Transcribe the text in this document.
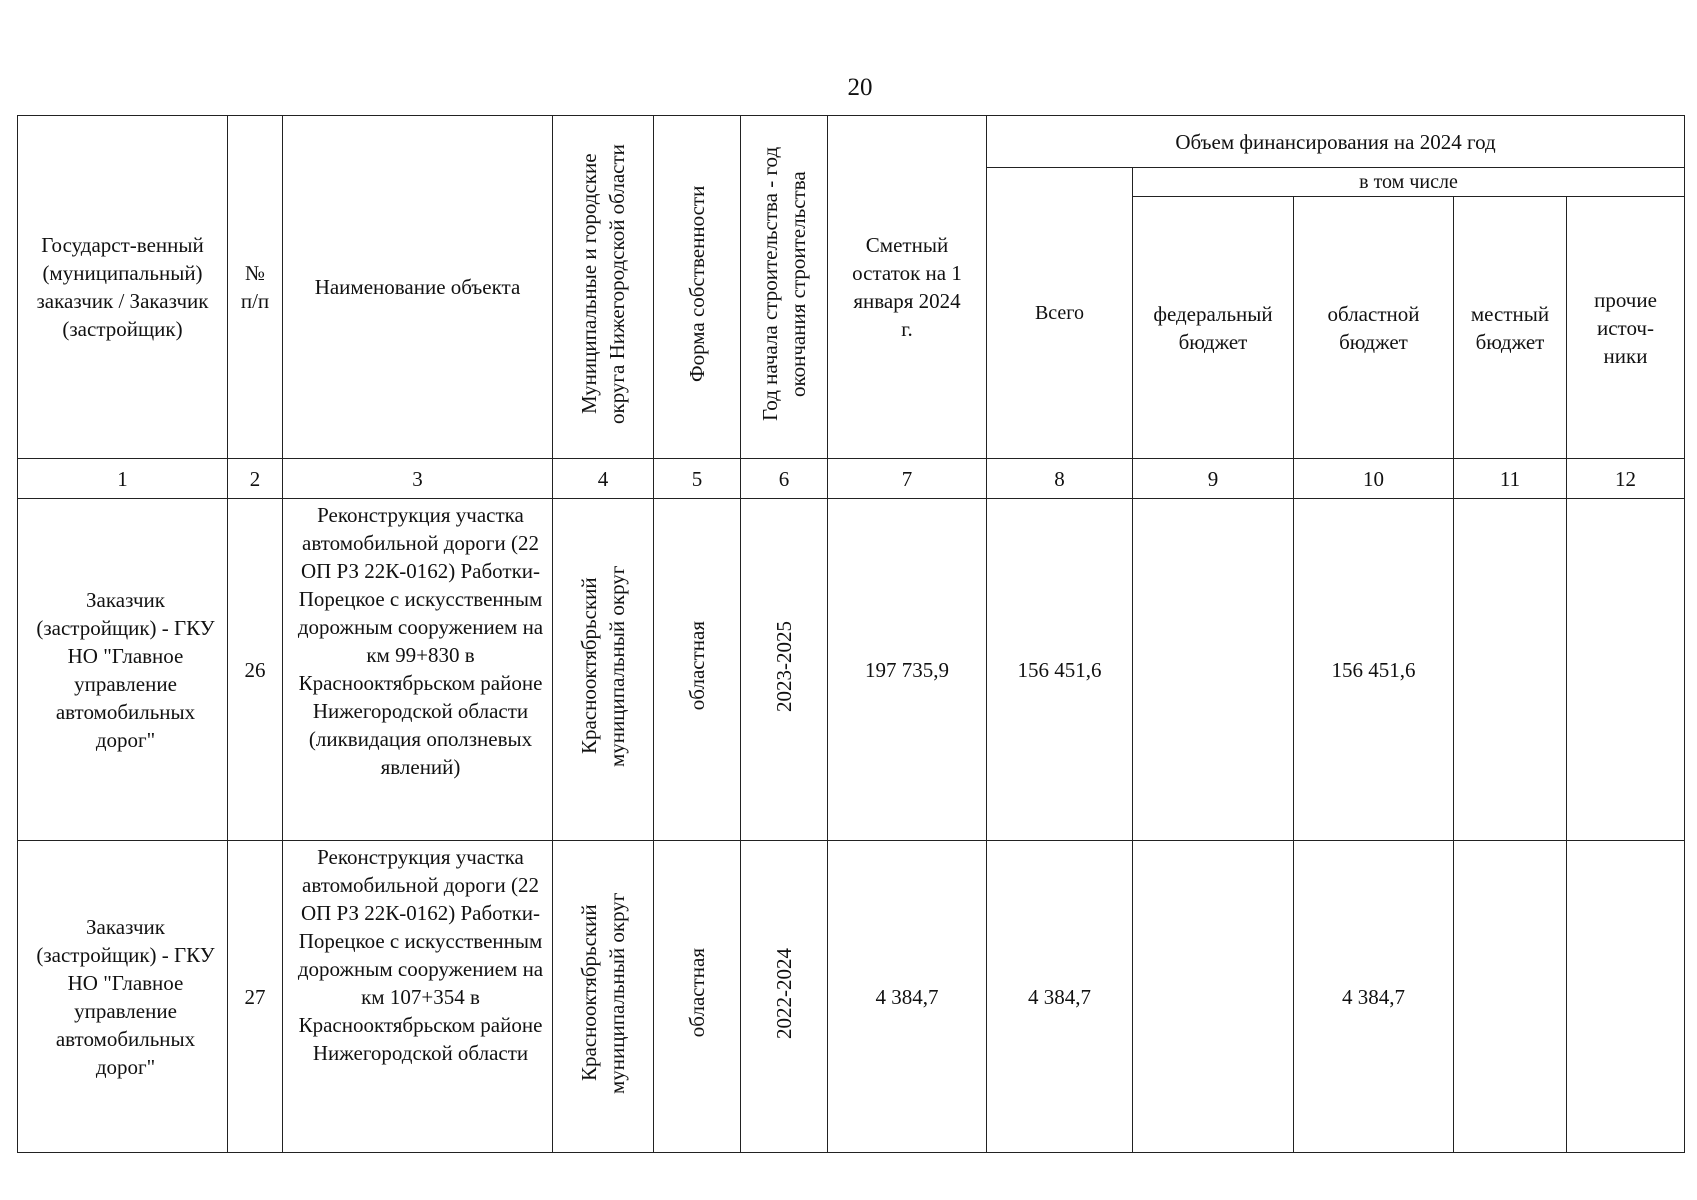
20
Государст-венный (муниципальный) заказчик / Заказчик (застройщик)	№ п/п	Наименование объекта	Муниципальные и городские округа Нижегородской области	Форма собственности	Год начала строительства - год окончания строительства	Сметный остаток на 1 января 2024 г.	Объем финансирования на 2024 год				
							Всего	в том числе			
								федеральный бюджет	областной бюджет	местный бюджет	прочие источ-ники
1	2	3	4	5	6	7	8	9	10	11	12
Заказчик (застройщик) - ГКУ НО "Главное управление автомобильных дорог"	26	Реконструкция участка автомобильной дороги (22 ОП РЗ 22К-0162) Работки-Порецкое с искусственным дорожным сооружением на км 99+830 в Краснооктябрьском районе Нижегородской области (ликвидация оползневых явлений)	Краснооктябрьский муниципальный округ	областная	2023-2025	197 735,9	156 451,6		156 451,6		
Заказчик (застройщик) - ГКУ НО "Главное управление автомобильных дорог"	27	Реконструкция участка автомобильной дороги (22 ОП РЗ 22К-0162) Работки-Порецкое с искусственным дорожным сооружением на км 107+354 в Краснооктябрьском районе Нижегородской области	Краснооктябрьский муниципальный округ	областная	2022-2024	4 384,7	4 384,7		4 384,7		
